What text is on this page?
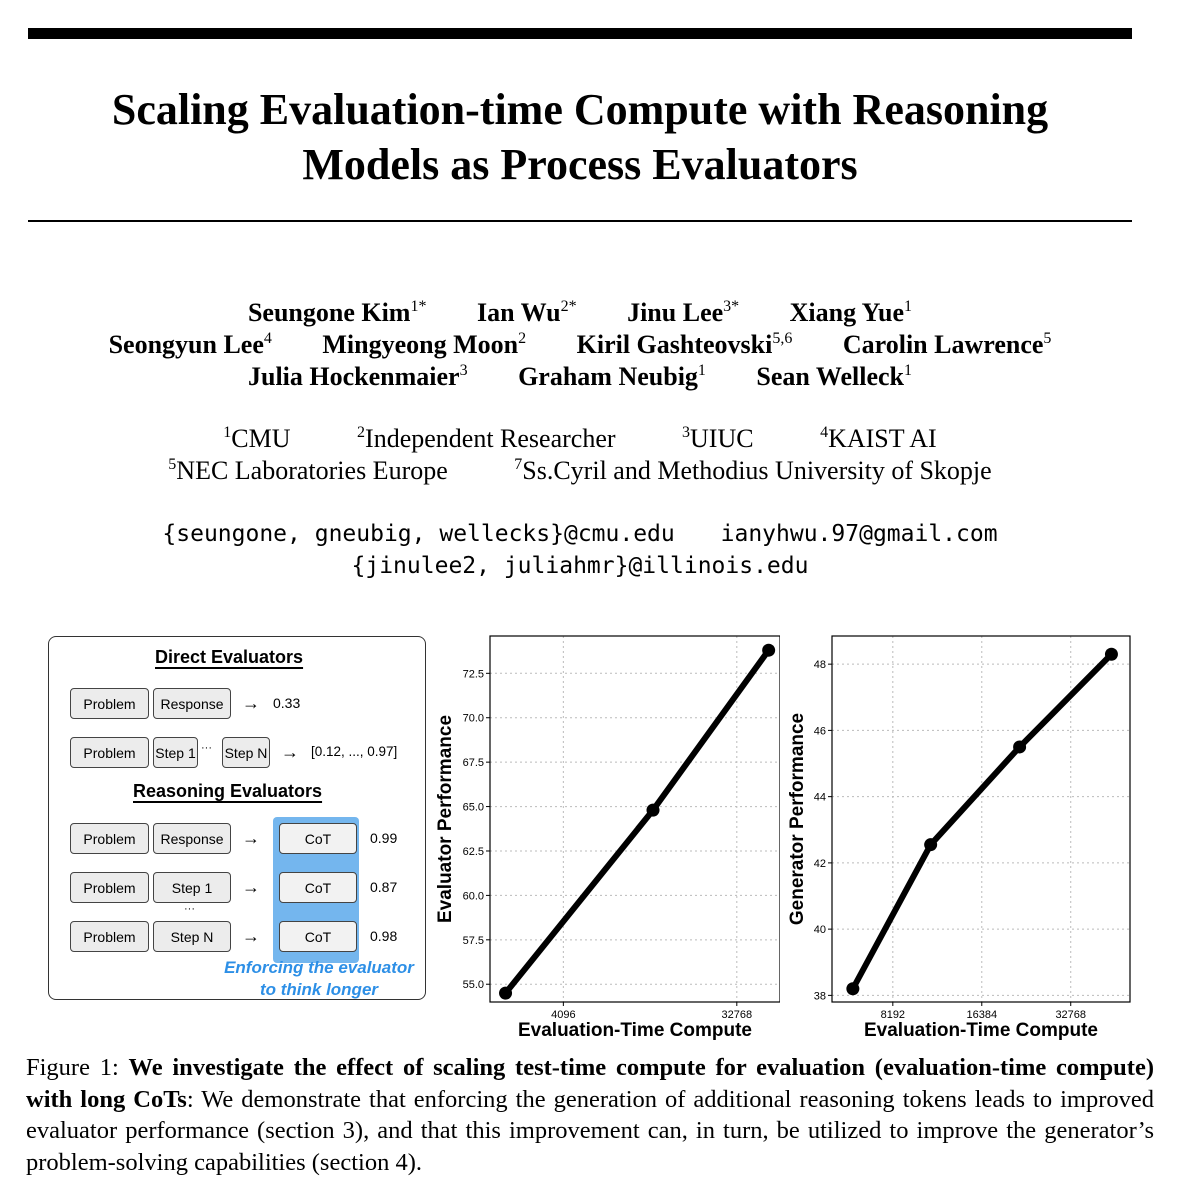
Scaling Evaluation-time Compute with Reasoning
Models as Process Evaluators
Seungone Kim$^{1*}$ Ian $Wu^{2*}$ Jinu Lee$^{3*}$ Xiang Yue$^1$
Seongyun Lee$^4$ Mingyeong Moon$^2$ Kiril Gashteovski$^{5,6}$ Carolin Lawrence$^5$
Julia Hockenmaier$^3$ Graham Neubig$^1$ Sean Welleck$^1$
$^1$CMU	$^2$Independent Researcher	$^3$UIUC	$^4$KAIST AI
$^5$NEC Laboratories Europe	$^7$Ss.Cyril and Methodius University of Skopje
{seungone, gneubig, wellecks}@cmu.edu ianyhwu.97@gmail.com
{jinulee2, juliahmr}@illinois.edu
Direct Evaluators
Problem	Response	→ 0.33
Problem	Step 1 ··· Step N → [0.12, ..., 0.97]
Reasoning Evaluators
Problem	Response	→	CoT	0.99
Problem	Step 1	→	CoT	0.87
···
Problem	Step N	→	CoT	0.98
Enforcing the evaluator
to think longer	55.0
57.5
60.0
62.5
65.0
67.5
70.0
72.5
4096	32768
Evaluation-Time Compute
Evaluator Performance
38
40
42
44
46
48
8192	16384	32768
Evaluation-Time Compute
Generator Performance
Figure 1: We investigate the effect of scaling test-time compute for evaluation (evaluation-time compute) with long CoTs: We demonstrate that enforcing the generation of additional reasoning tokens leads to improved evaluator performance (section 3), and that this improvement can, in turn, be utilized to improve the generator’s problem-solving capabilities (section 4).
